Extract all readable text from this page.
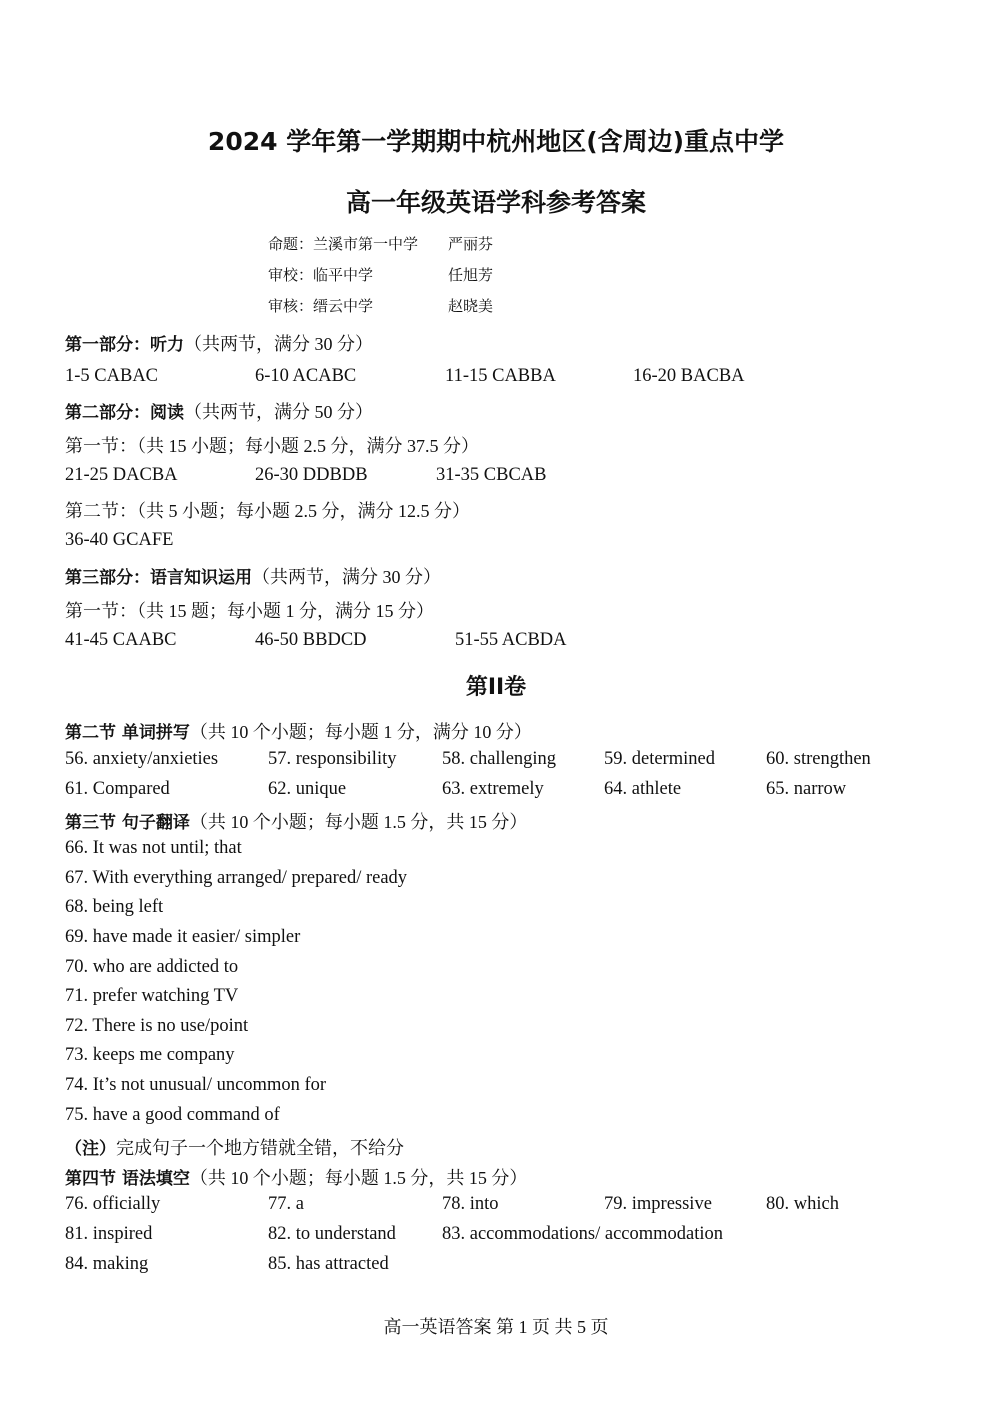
2024 学年第一学期期中杭州地区(含周边)重点中学
高一年级英语学科参考答案
命题：兰溪市第一中学 严丽芬
审校：临平中学	任旭芳
审核：缙云中学	赵晓美
第一部分：听力（共两节，满分 30 分）
1-5 CABAC	6-10 ACABC	11-15 CABBA	16-20 BACBA
第二部分：阅读（共两节，满分 50 分）
第一节：（共 15 小题；每小题 2.5 分，满分 37.5 分）
21-25 DACBA	26-30 DDBDB	31-35 CBCAB
第二节：（共 5 小题；每小题 2.5 分，满分 12.5 分）
36-40 GCAFE
第三部分：语言知识运用（共两节，满分 30 分）
第一节：（共 15 题；每小题 1 分，满分 15 分）
41-45 CAABC	46-50 BBDCD	51-55 ACBDA
第II卷
第二节 单词拼写（共 10 个小题；每小题 1 分，满分 10 分）
56. anxiety/anxieties	57. responsibility 58. challenging	59. determined	60. strengthen
61. Compared	62. unique	63. extremely	64. athlete	65. narrow
第三节 句子翻译（共 10 个小题；每小题 1.5 分，共 15 分）
66. It was not until; that
67. With everything arranged/ prepared/ ready
68. being left
69. have made it easier/ simpler
70. who are addicted to
71. prefer watching TV
72. There is no use/point
73. keeps me company
74. It’s not unusual/ uncommon for
75. have a good command of
（注）完成句子一个地方错就全错，不给分
第四节 语法填空（共 10 个小题；每小题 1.5 分，共 15 分）
76. officially	77. a	78. into	79. impressive	80. which
81. inspired	82. to understand 83. accommodations/ accommodation
84. making	85. has attracted
高一英语答案 第 1 页 共 5 页
